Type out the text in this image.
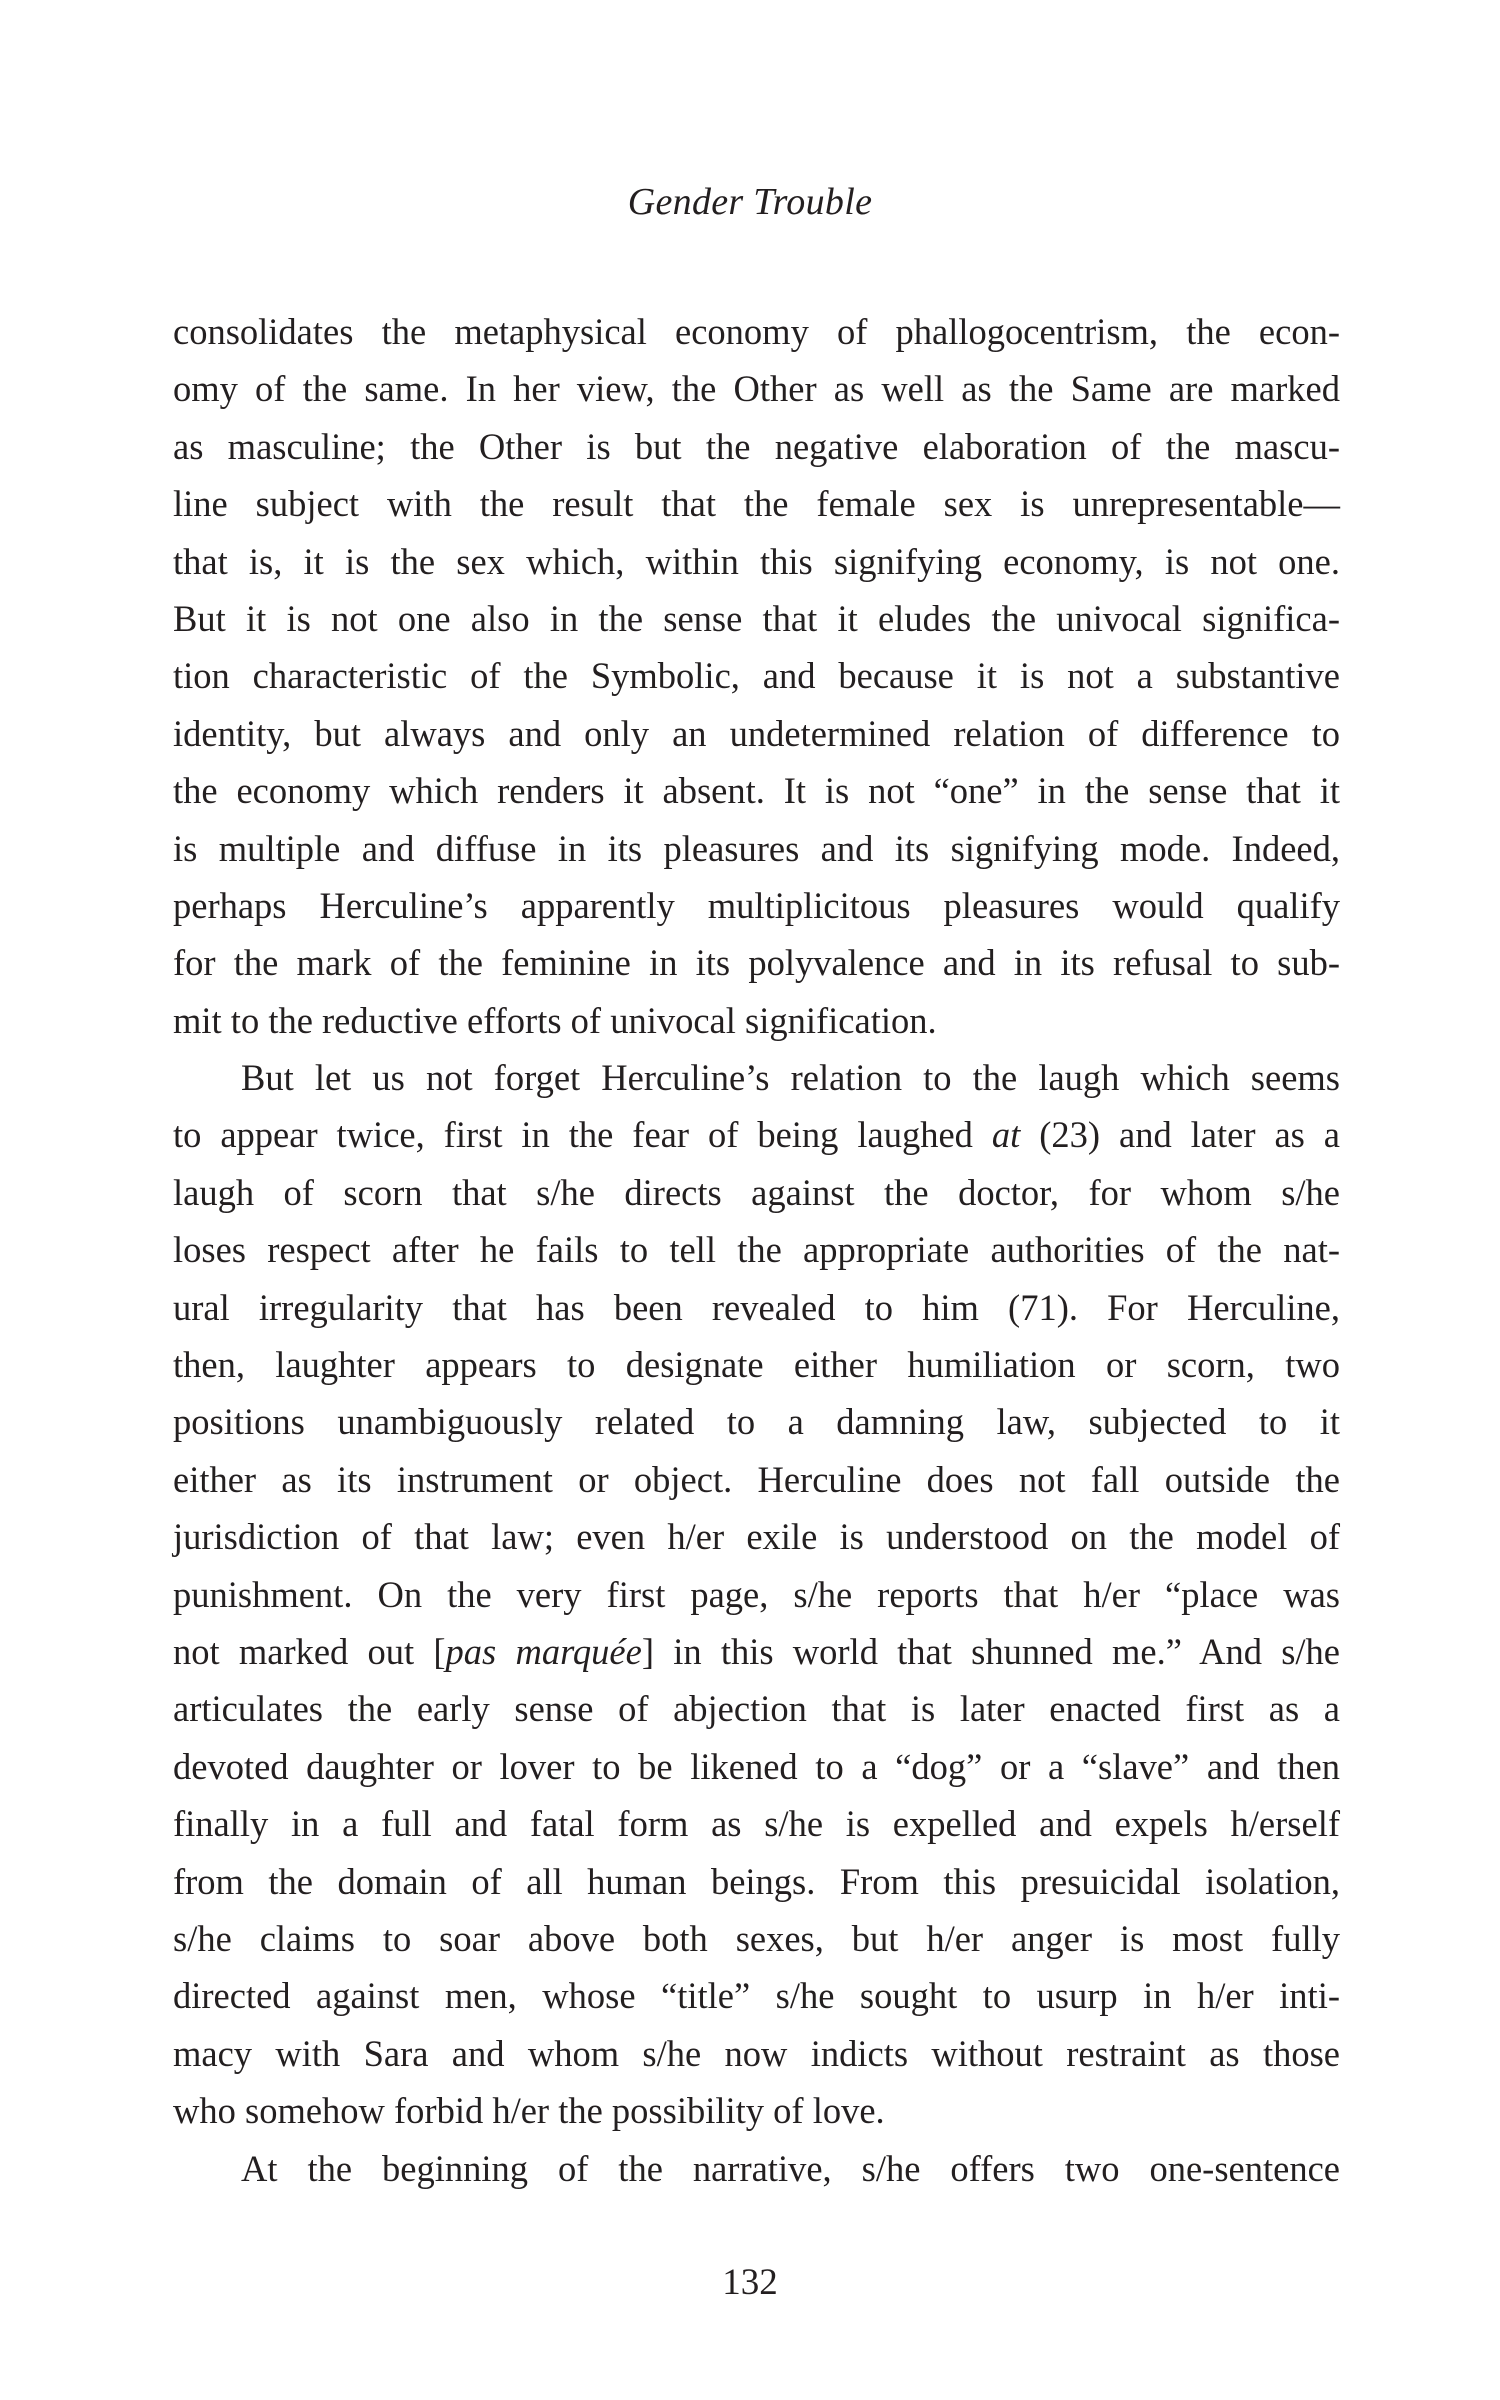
Gender Trouble
consolidates the metaphysical economy of phallogocentrism, the econ-
omy of the same. In her view, the Other as well as the Same are marked
as masculine; the Other is but the negative elaboration of the mascu-
line subject with the result that the female sex is unrepresentable—
that is, it is the sex which, within this signifying economy, is not one.
But it is not one also in the sense that it eludes the univocal significa-
tion characteristic of the Symbolic, and because it is not a substantive
identity, but always and only an undetermined relation of difference to
the economy which renders it absent. It is not “one” in the sense that it
is multiple and diffuse in its pleasures and its signifying mode. Indeed,
perhaps Herculine’s apparently multiplicitous pleasures would qualify
for the mark of the feminine in its polyvalence and in its refusal to sub-
mit to the reductive efforts of univocal signification.
But let us not forget Herculine’s relation to the laugh which seems
to appear twice, first in the fear of being laughed at (23) and later as a
laugh of scorn that s/he directs against the doctor, for whom s/he
loses respect after he fails to tell the appropriate authorities of the nat-
ural irregularity that has been revealed to him (71). For Herculine,
then, laughter appears to designate either humiliation or scorn, two
positions unambiguously related to a damning law, subjected to it
either as its instrument or object. Herculine does not fall outside the
jurisdiction of that law; even h/er exile is understood on the model of
punishment. On the very first page, s/he reports that h/er “place was
not marked out [pas marquée] in this world that shunned me.” And s/he
articulates the early sense of abjection that is later enacted first as a
devoted daughter or lover to be likened to a “dog” or a “slave” and then
finally in a full and fatal form as s/he is expelled and expels h/erself
from the domain of all human beings. From this presuicidal isolation,
s/he claims to soar above both sexes, but h/er anger is most fully
directed against men, whose “title” s/he sought to usurp in h/er inti-
macy with Sara and whom s/he now indicts without restraint as those
who somehow forbid h/er the possibility of love.
At the beginning of the narrative, s/he offers two one-sentence
132
